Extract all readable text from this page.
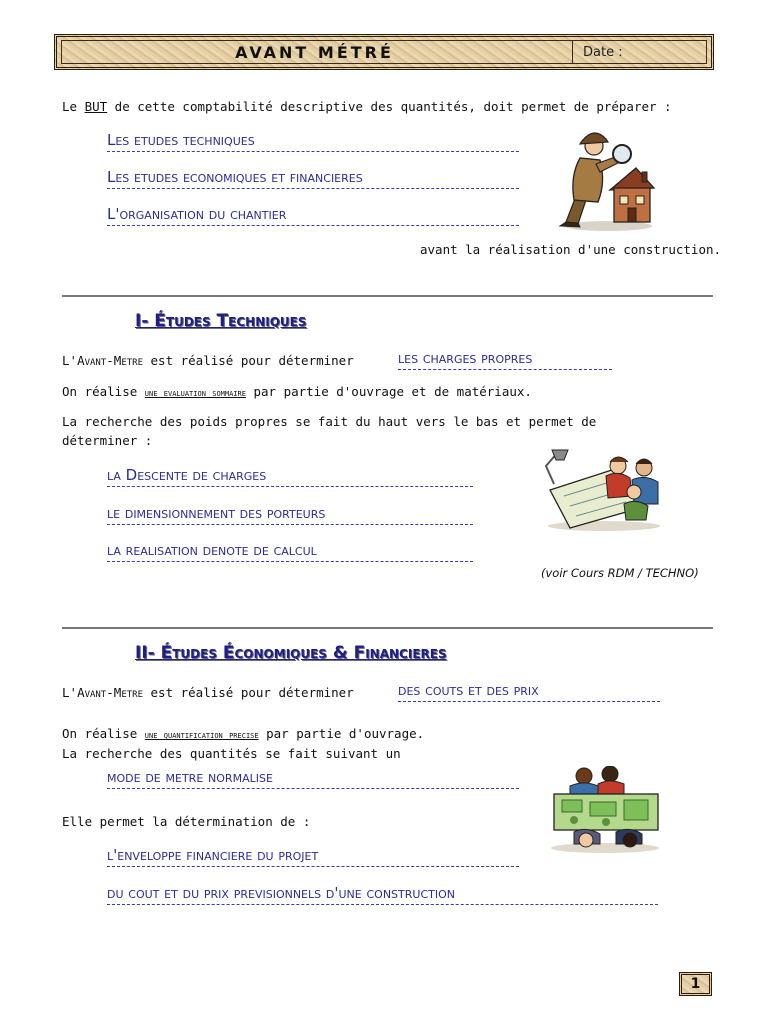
AVANT MÉTRÉ	Date :
Le BUT de cette comptabilité descriptive des quantités, doit permet de préparer :
Les etudes techniques
Les etudes economiques et financieres
L'organisation du chantier
avant la réalisation d'une construction.
I- Études Techniques
L'Avant-Metre est réalisé pour déterminer	les charges propres
On réalise une evaluation sommaire par partie d'ouvrage et de matériaux.
La recherche des poids propres se fait du haut vers le bas et permet de
déterminer :
la Descente de charges
le dimensionnement des porteurs
la realisation denote de calcul
(voir Cours RDM / TECHNO)
II- Études Économiques & Financieres
L'Avant-Metre est réalisé pour déterminer	des couts et des prix
On réalise une quantification precise par partie d'ouvrage.
La recherche des quantités se fait suivant un
mode de metre normalise
Elle permet la détermination de :
l'enveloppe financiere du projet
du cout et du prix previsionnels d'une construction
1
